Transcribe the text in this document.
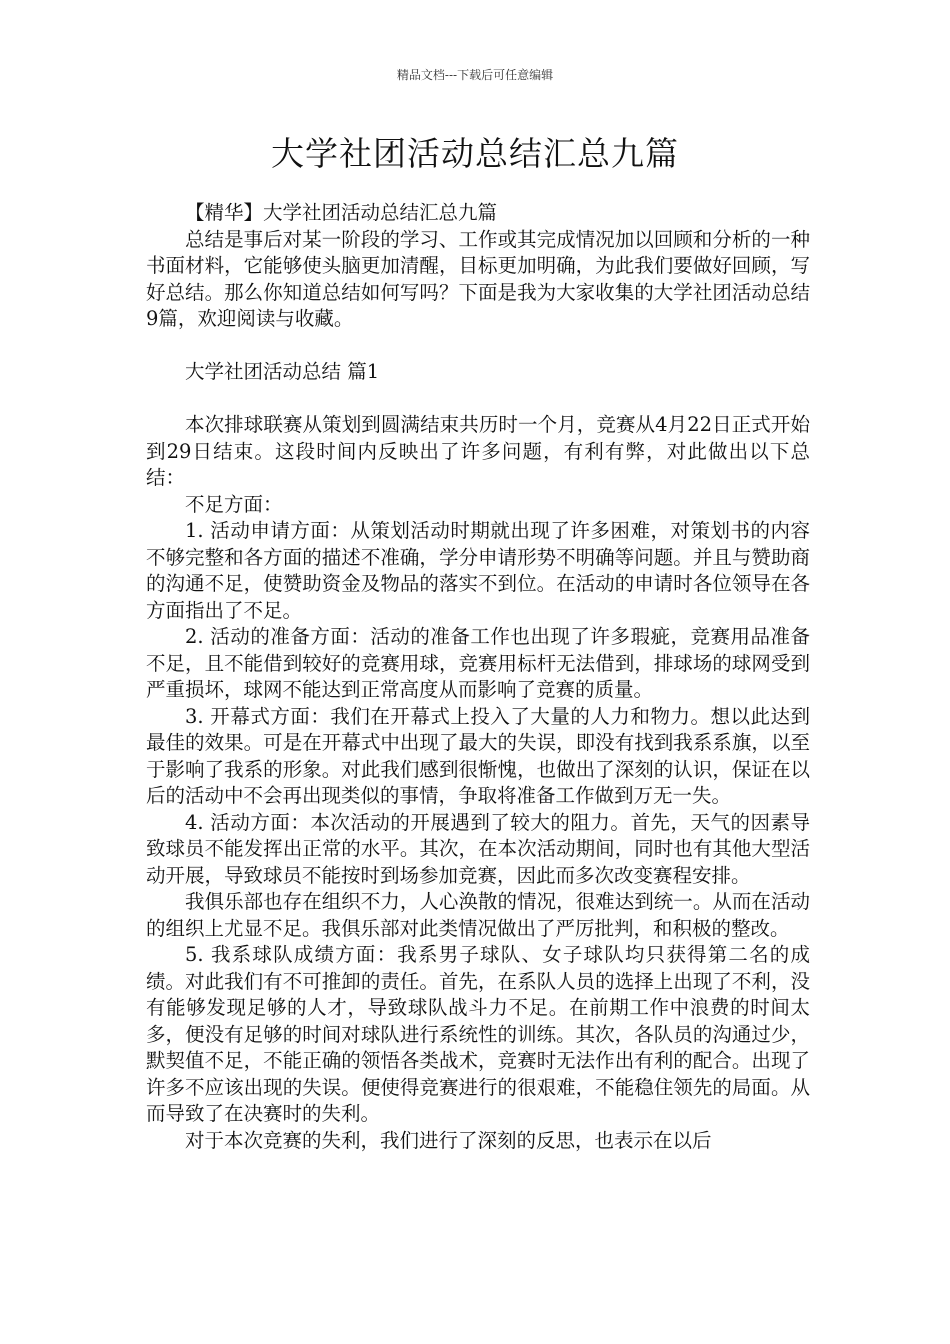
精品文档---下载后可任意编辑
大学社团活动总结汇总九篇

【精华】大学社团活动总结汇总九篇

总结是事后对某一阶段的学习、工作或其完成情况加以回顾和分析的一种书面材料，它能够使头脑更加清醒，目标更加明确，为此我们要做好回顾，写好总结。那么你知道总结如何写吗？下面是我为大家收集的大学社团活动总结9篇，欢迎阅读与收藏。

大学社团活动总结 篇1

本次排球联赛从策划到圆满结束共历时一个月，竞赛从4月22日正式开始到29日结束。这段时间内反映出了许多问题，有利有弊，对此做出以下总结：

不足方面：

1. 活动申请方面：从策划活动时期就出现了许多困难，对策划书的内容不够完整和各方面的描述不准确，学分申请形势不明确等问题。并且与赞助商的沟通不足，使赞助资金及物品的落实不到位。在活动的申请时各位领导在各方面指出了不足。

2. 活动的准备方面：活动的准备工作也出现了许多瑕疵，竞赛用品准备不足，且不能借到较好的竞赛用球，竞赛用标杆无法借到，排球场的球网受到严重损坏，球网不能达到正常高度从而影响了竞赛的质量。

3. 开幕式方面：我们在开幕式上投入了大量的人力和物力。想以此达到最佳的效果。可是在开幕式中出现了最大的失误，即没有找到我系系旗，以至于影响了我系的形象。对此我们感到很惭愧，也做出了深刻的认识，保证在以后的活动中不会再出现类似的事情，争取将准备工作做到万无一失。

4. 活动方面：本次活动的开展遇到了较大的阻力。首先，天气的因素导致球员不能发挥出正常的水平。其次，在本次活动期间，同时也有其他大型活动开展，导致球员不能按时到场参加竞赛，因此而多次改变赛程安排。

我俱乐部也存在组织不力，人心涣散的情况，很难达到统一。从而在活动的组织上尤显不足。我俱乐部对此类情况做出了严厉批判，和积极的整改。

5. 我系球队成绩方面：我系男子球队、女子球队均只获得第二名的成绩。对此我们有不可推卸的责任。首先，在系队人员的选择上出现了不利，没有能够发现足够的人才，导致球队战斗力不足。在前期工作中浪费的时间太多，便没有足够的时间对球队进行系统性的训练。其次，各队员的沟通过少，默契值不足，不能正确的领悟各类战术，竞赛时无法作出有利的配合。出现了许多不应该出现的失误。便使得竞赛进行的很艰难，不能稳住领先的局面。从而导致了在决赛时的失利。

对于本次竞赛的失利，我们进行了深刻的反思，也表示在以后
